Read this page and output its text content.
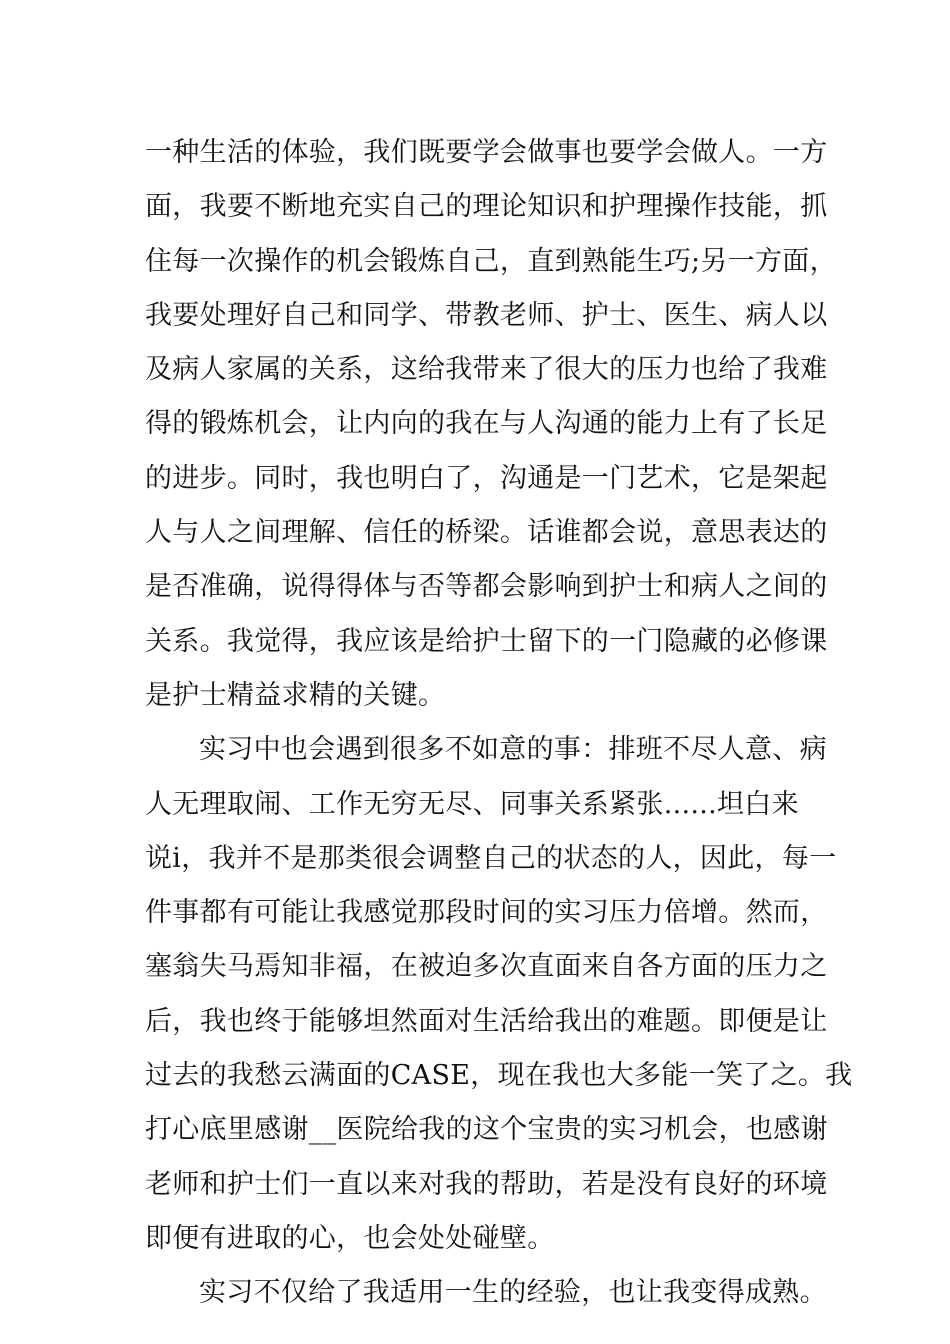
一种生活的体验，我们既要学会做事也要学会做人。一方
面，我要不断地充实自己的理论知识和护理操作技能，抓
住每一次操作的机会锻炼自己，直到熟能生巧;另一方面，
我要处理好自己和同学、带教老师、护士、医生、病人以
及病人家属的关系，这给我带来了很大的压力也给了我难
得的锻炼机会，让内向的我在与人沟通的能力上有了长足
的进步。同时，我也明白了，沟通是一门艺术，它是架起
人与人之间理解、信任的桥梁。话谁都会说，意思表达的
是否准确，说得得体与否等都会影响到护士和病人之间的
关系。我觉得，我应该是给护士留下的一门隐藏的必修课
是护士精益求精的关键。
实习中也会遇到很多不如意的事：排班不尽人意、病
人无理取闹、工作无穷无尽、同事关系紧张......坦白来
说i，我并不是那类很会调整自己的状态的人，因此，每一
件事都有可能让我感觉那段时间的实习压力倍增。然而，
塞翁失马焉知非福，在被迫多次直面来自各方面的压力之
后，我也终于能够坦然面对生活给我出的难题。即便是让
过去的我愁云满面的CASE，现在我也大多能一笑了之。我
打心底里感谢__医院给我的这个宝贵的实习机会，也感谢
老师和护士们一直以来对我的帮助，若是没有良好的环境
即便有进取的心，也会处处碰壁。
实习不仅给了我适用一生的经验，也让我变得成熟。
